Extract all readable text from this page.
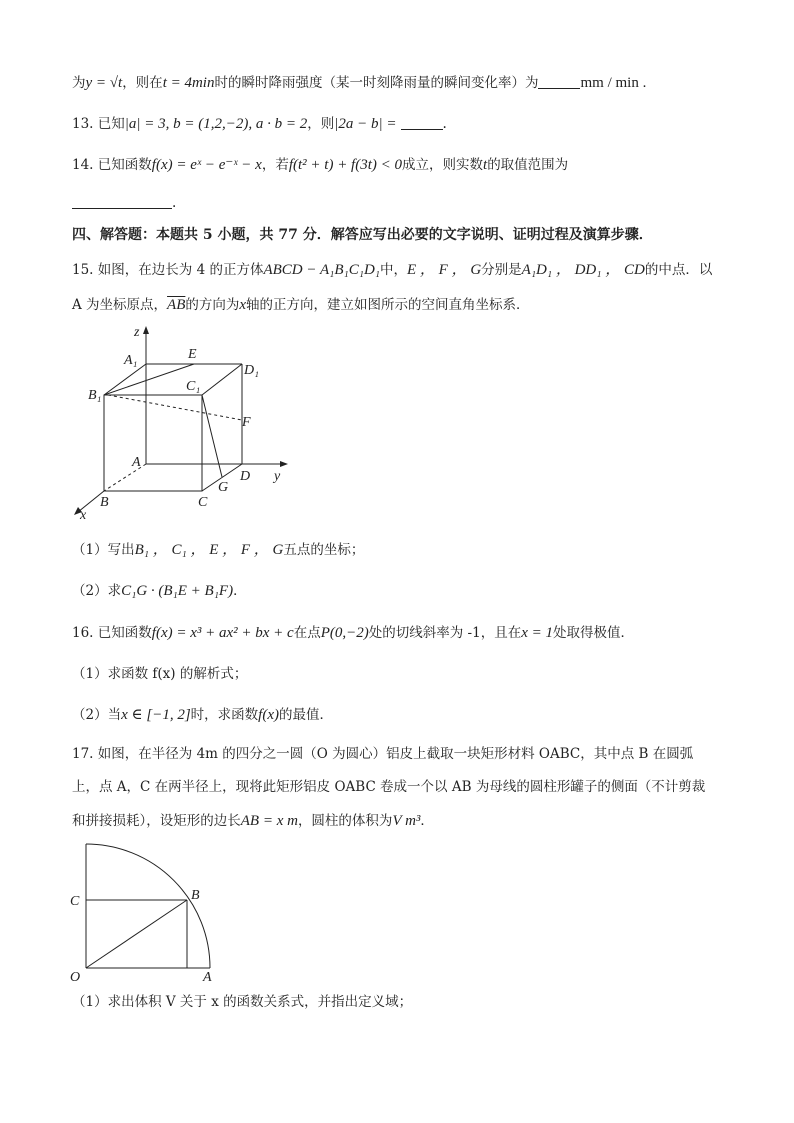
为y = √t，则在t = 4min时的瞬时降雨强度（某一时刻降雨量的瞬间变化率）为	mm / min .
13. 已知|a| = 3, b = (1,2,−2), a · b = 2，则|2a − b| =	.
14. 已知函数f(x) = eˣ − e⁻ˣ − x，若f(t² + t) + f(3t) < 0成立，则实数t的取值范围为
.
四、解答题：本题共 5 小题，共 77 分．解答应写出必要的文字说明、证明过程及演算步骤．
15. 如图，在边长为 4 的正方体ABCD − A₁B₁C₁D₁中，E ， F ， G分别是A₁D₁ ， DD₁ ， CD的中点．以
A 为坐标原点，$\overline{AB}$的方向为x轴的正方向，建立如图所示的空间直角坐标系．
z
y
x
A₁	E
D₁
C₁
B₁
F
A
D
G
B	C
（1）写出B₁ ， C₁ ， E ， F ， G五点的坐标；
（2）求C₁G · (B₁E + B₁F)．
16. 已知函数f(x) = x³ + ax² + bx + c在点P(0,−2)处的切线斜率为 -1，且在x = 1处取得极值．
（1）求函数 f(x) 的解析式；
（2）当x ∈ [−1, 2]时，求函数f(x)的最值．
17. 如图，在半径为 4m 的四分之一圆（O 为圆心）铝皮上截取一块矩形材料 OABC，其中点 B 在圆弧
上，点 A，C 在两半径上，现将此矩形铝皮 OABC 卷成一个以 AB 为母线的圆柱形罐子的侧面（不计剪裁
和拼接损耗），设矩形的边长AB = x m，圆柱的体积为V m³．
C	B
O	A
（1）求出体积 V 关于 x 的函数关系式，并指出定义域；
